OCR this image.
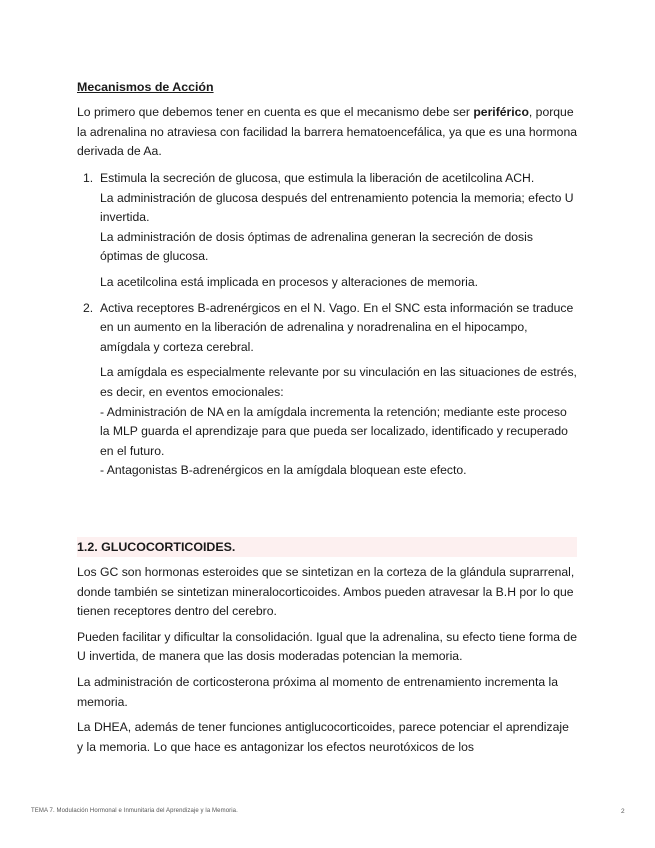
Mecanismos de Acción
Lo primero que debemos tener en cuenta es que el mecanismo debe ser periférico, porque la adrenalina no atraviesa con facilidad la barrera hematoencefálica, ya que es una hormona derivada de Aa.
1. Estimula la secreción de glucosa, que estimula la liberación de acetilcolina ACH.

La administración de glucosa después del entrenamiento potencia la memoria; efecto U invertida.

La administración de dosis óptimas de adrenalina generan la secreción de dosis óptimas de glucosa.

La acetilcolina está implicada en procesos y alteraciones de memoria.

2. Activa receptores B-adrenérgicos en el N. Vago. En el SNC esta información se traduce en un aumento en la liberación de adrenalina y noradrenalina en el hipocampo, amígdala y corteza cerebral.

La amígdala es especialmente relevante por su vinculación en las situaciones de estrés, es decir, en eventos emocionales:

- Administración de NA en la amígdala incrementa la retención; mediante este proceso la MLP guarda el aprendizaje para que pueda ser localizado, identificado y recuperado en el futuro.

- Antagonistas B-adrenérgicos en la amígdala bloquean este efecto.

1.2. GLUCOCORTICOIDES.

Los GC son hormonas esteroides que se sintetizan en la corteza de la glándula suprarrenal, donde también se sintetizan mineralocorticoides. Ambos pueden atravesar la B.H por lo que tienen receptores dentro del cerebro.

Pueden facilitar y dificultar la consolidación. Igual que la adrenalina, su efecto tiene forma de U invertida, de manera que las dosis moderadas potencian la memoria.

La administración de corticosterona próxima al momento de entrenamiento incrementa la memoria.

La DHEA, además de tener funciones antiglucocorticoides, parece potenciar el aprendizaje y la memoria. Lo que hace es antagonizar los efectos neurotóxicos de los

TEMA 7. Modulación Hormonal e Inmunitaria del Aprendizaje y la Memoria.	2
